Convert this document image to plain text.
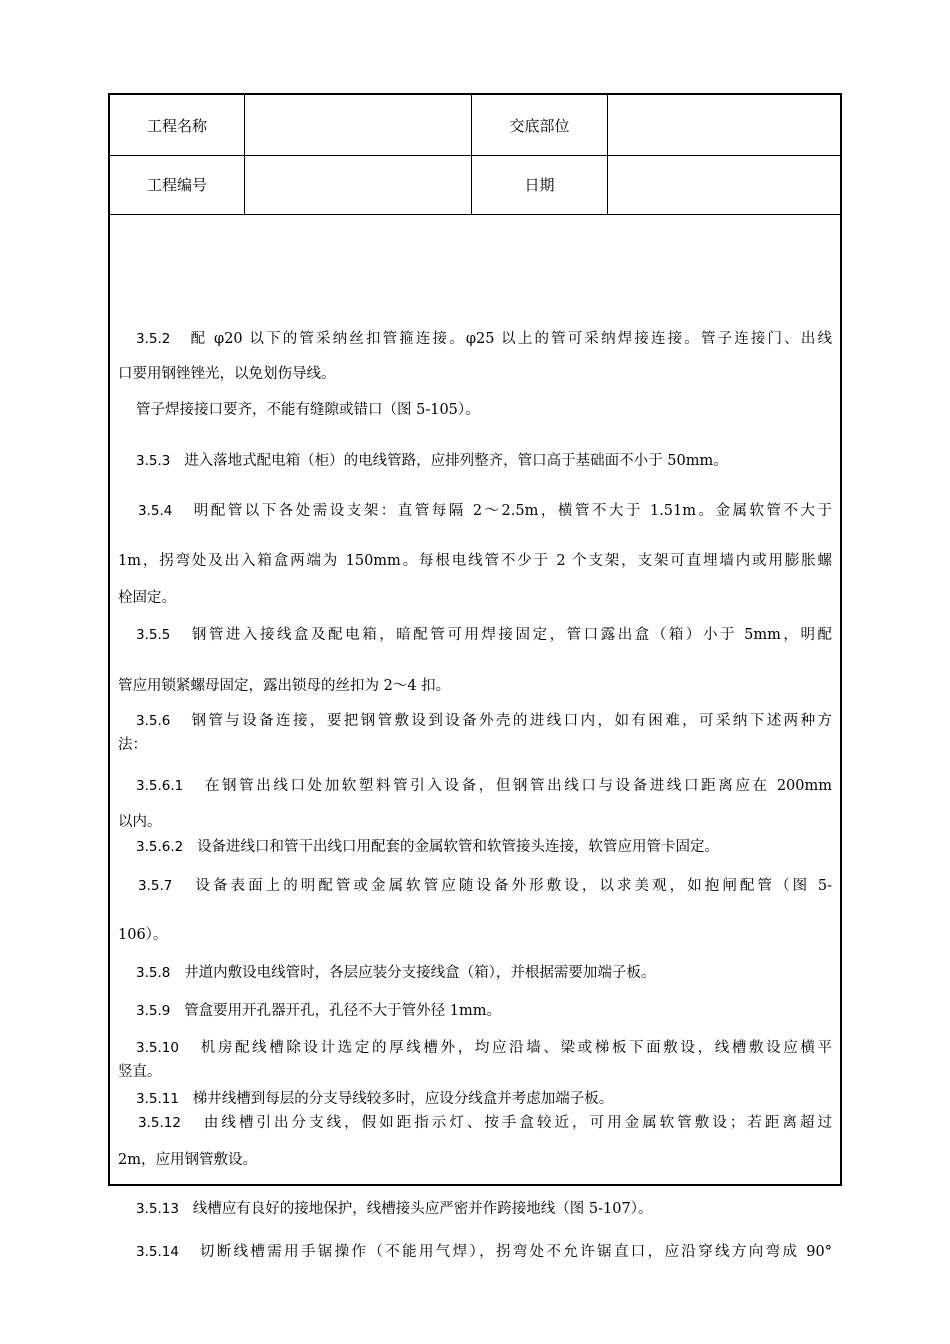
工程名称	交底部位
工程编号	日期
3.5.2 配 φ20 以下的管采纳丝扣管箍连接。φ25 以上的管可采纳焊接连接。管子连接门、出线
口要用钢锉锉光，以免划伤导线。
管子焊接接口要齐，不能有缝隙或错口（图 5-105）。
3.5.3 进入落地式配电箱（柜）的电线管路，应排列整齐，管口高于基础面不小于 50mm。
3.5.4 明配管以下各处需设支架：直管每隔 2～2.5m，横管不大于 1.51m。金属软管不大于
1m，拐弯处及出入箱盒两端为 150mm。每根电线管不少于 2 个支架，支架可直埋墙内或用膨胀螺
栓固定。
3.5.5 钢管进入接线盒及配电箱，暗配管可用焊接固定，管口露出盒（箱）小于 5mm，明配
管应用锁紧螺母固定，露出锁母的丝扣为 2～4 扣。
3.5.6 钢管与设备连接，要把钢管敷设到设备外壳的进线口内，如有困难，可采纳下述两种方
法：
3.5.6.1 在钢管出线口处加软塑料管引入设备，但钢管出线口与设备进线口距离应在 200mm
以内。
3.5.6.2 设备进线口和管干出线口用配套的金属软管和软管接头连接，软管应用管卡固定。
3.5.7 设备表面上的明配管或金属软管应随设备外形敷设，以求美观，如抱闸配管（图 5-
106）。
3.5.8 井道内敷设电线管时，各层应装分支接线盒（箱），并根据需要加端子板。
3.5.9 管盒要用开孔器开孔，孔径不大于管外径 1mm。
3.5.10 机房配线槽除设计选定的厚线槽外，均应沿墙、梁或梯板下面敷设，线槽敷设应横平
竖直。
3.5.11 梯井线槽到每层的分支导线较多时，应设分线盒并考虑加端子板。
3.5.12 由线槽引出分支线，假如距指示灯、按手盒较近，可用金属软管敷设；若距离超过
2m，应用钢管敷设。
3.5.13 线槽应有良好的接地保护，线槽接头应严密并作跨接地线（图 5-107）。
3.5.14 切断线槽需用手锯操作（不能用气焊），拐弯处不允许锯直口，应沿穿线方向弯成 90°
